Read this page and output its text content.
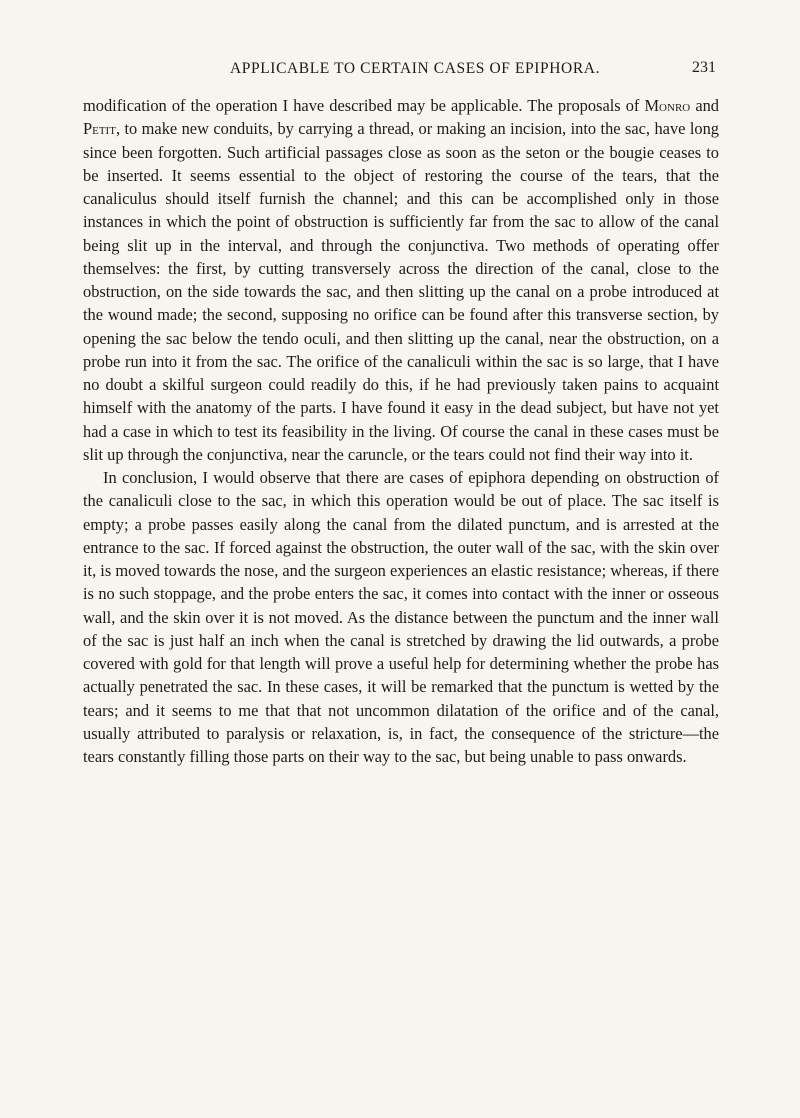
APPLICABLE TO CERTAIN CASES OF EPIPHORA.	231

modification of the operation I have described may be applicable. The proposals of Monro and Petit, to make new conduits, by carrying a thread, or making an incision, into the sac, have long since been forgotten. Such artificial passages close as soon as the seton or the bougie ceases to be inserted. It seems essential to the object of restoring the course of the tears, that the canaliculus should itself furnish the channel; and this can be accomplished only in those instances in which the point of obstruction is sufficiently far from the sac to allow of the canal being slit up in the interval, and through the conjunctiva. Two methods of operating offer themselves: the first, by cutting transversely across the direction of the canal, close to the obstruction, on the side towards the sac, and then slitting up the canal on a probe introduced at the wound made; the second, supposing no orifice can be found after this transverse section, by opening the sac below the tendo oculi, and then slitting up the canal, near the obstruction, on a probe run into it from the sac. The orifice of the canaliculi within the sac is so large, that I have no doubt a skilful surgeon could readily do this, if he had previously taken pains to acquaint himself with the anatomy of the parts. I have found it easy in the dead subject, but have not yet had a case in which to test its feasibility in the living. Of course the canal in these cases must be slit up through the conjunctiva, near the caruncle, or the tears could not find their way into it.

In conclusion, I would observe that there are cases of epiphora depending on obstruction of the canaliculi close to the sac, in which this operation would be out of place. The sac itself is empty; a probe passes easily along the canal from the dilated punctum, and is arrested at the entrance to the sac. If forced against the obstruction, the outer wall of the sac, with the skin over it, is moved towards the nose, and the surgeon experiences an elastic resistance; whereas, if there is no such stoppage, and the probe enters the sac, it comes into contact with the inner or osseous wall, and the skin over it is not moved. As the distance between the punctum and the inner wall of the sac is just half an inch when the canal is stretched by drawing the lid outwards, a probe covered with gold for that length will prove a useful help for determining whether the probe has actually penetrated the sac. In these cases, it will be remarked that the punctum is wetted by the tears; and it seems to me that that not uncommon dilatation of the orifice and of the canal, usually attributed to paralysis or relaxation, is, in fact, the consequence of the stricture—the tears constantly filling those parts on their way to the sac, but being unable to pass onwards.
